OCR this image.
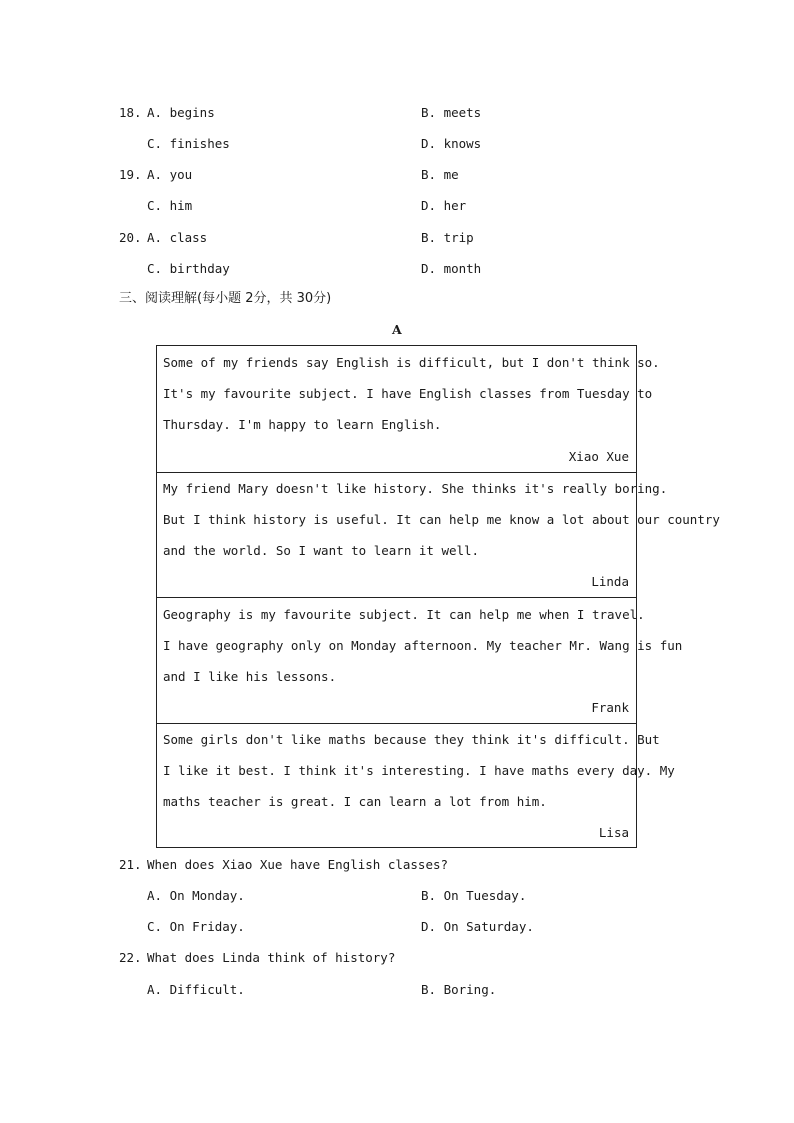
18. A. begins	B. meets
C. finishes	D. knows
19. A. you	B. me
C. him	D. her
20. A. class	B. trip
C. birthday	D. month
三、阅读理解(每小题 2分，共 30分)
A
Some of my friends say English is difficult, but I don't think so.
It's my favourite subject. I have English classes from Tuesday to
Thursday. I'm happy to learn English.
Xiao Xue
My friend Mary doesn't like history. She thinks it's really boring.
But I think history is useful. It can help me know a lot about our country
and the world. So I want to learn it well.
Linda
Geography is my favourite subject. It can help me when I travel.
I have geography only on Monday afternoon. My teacher Mr. Wang is fun
and I like his lessons.
Frank
Some girls don't like maths because they think it's difficult. But
I like it best. I think it's interesting. I have maths every day. My
maths teacher is great. I can learn a lot from him.
Lisa
21. When does Xiao Xue have English classes?
A. On Monday.	B. On Tuesday.
C. On Friday.	D. On Saturday.
22. What does Linda think of history?
A. Difficult.	B. Boring.
